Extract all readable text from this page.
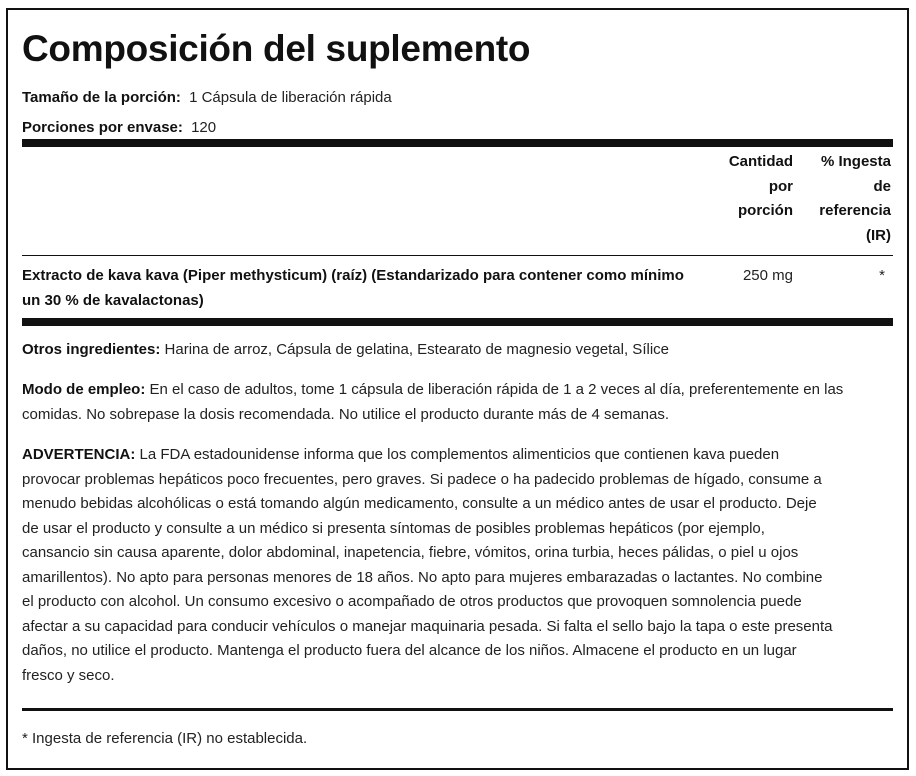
Composición del suplemento
Tamaño de la porción: 1 Cápsula de liberación rápida
Porciones por envase: 120
Cantidad
por
porción
% Ingesta
de
referencia
(IR)
Extracto de kava kava (Piper methysticum) (raíz) (Estandarizado para contener como mínimo
un 30 % de kavalactonas)
250 mg	*

Otros ingredientes: Harina de arroz, Cápsula de gelatina, Estearato de magnesio vegetal, Sílice

Modo de empleo: En el caso de adultos, tome 1 cápsula de liberación rápida de 1 a 2 veces al día, preferentemente en las
comidas. No sobrepase la dosis recomendada. No utilice el producto durante más de 4 semanas.

ADVERTENCIA: La FDA estadounidense informa que los complementos alimenticios que contienen kava pueden
provocar problemas hepáticos poco frecuentes, pero graves. Si padece o ha padecido problemas de hígado, consume a
menudo bebidas alcohólicas o está tomando algún medicamento, consulte a un médico antes de usar el producto. Deje
de usar el producto y consulte a un médico si presenta síntomas de posibles problemas hepáticos (por ejemplo,
cansancio sin causa aparente, dolor abdominal, inapetencia, fiebre, vómitos, orina turbia, heces pálidas, o piel u ojos
amarillentos). No apto para personas menores de 18 años. No apto para mujeres embarazadas o lactantes. No combine
el producto con alcohol. Un consumo excesivo o acompañado de otros productos que provoquen somnolencia puede
afectar a su capacidad para conducir vehículos o manejar maquinaria pesada. Si falta el sello bajo la tapa o este presenta
daños, no utilice el producto. Mantenga el producto fuera del alcance de los niños. Almacene el producto en un lugar
fresco y seco.

* Ingesta de referencia (IR) no establecida.
